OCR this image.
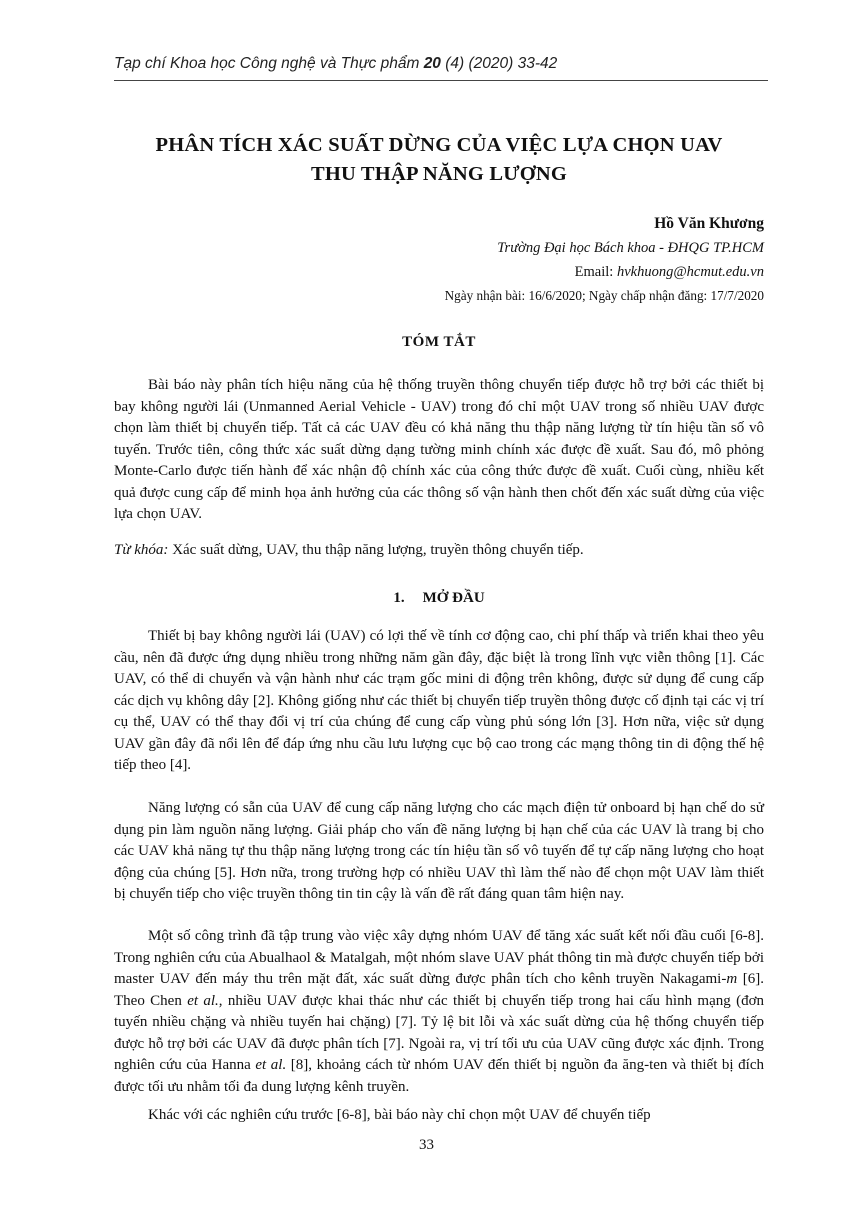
Tạp chí Khoa học Công nghệ và Thực phẩm 20 (4) (2020) 33-42
PHÂN TÍCH XÁC SUẤT DỪNG CỦA VIỆC LỰA CHỌN UAV
THU THẬP NĂNG LƯỢNG
Hồ Văn Khương
Trường Đại học Bách khoa - ĐHQG TP.HCM
Email: hvkhuong@hcmut.edu.vn
Ngày nhận bài: 16/6/2020; Ngày chấp nhận đăng: 17/7/2020
TÓM TẮT

Bài báo này phân tích hiệu năng của hệ thống truyền thông chuyển tiếp được hỗ trợ bởi các thiết bị bay không người lái (Unmanned Aerial Vehicle - UAV) trong đó chỉ một UAV trong số nhiều UAV được chọn làm thiết bị chuyển tiếp. Tất cả các UAV đều có khả năng thu thập năng lượng từ tín hiệu tần số vô tuyến. Trước tiên, công thức xác suất dừng dạng tường minh chính xác được đề xuất. Sau đó, mô phỏng Monte-Carlo được tiến hành để xác nhận độ chính xác của công thức được đề xuất. Cuối cùng, nhiều kết quả được cung cấp để minh họa ảnh hưởng của các thông số vận hành then chốt đến xác suất dừng của việc lựa chọn UAV.

Từ khóa: Xác suất dừng, UAV, thu thập năng lượng, truyền thông chuyển tiếp.

1. MỞ ĐẦU

Thiết bị bay không người lái (UAV) có lợi thế về tính cơ động cao, chi phí thấp và triển khai theo yêu cầu, nên đã được ứng dụng nhiều trong những năm gần đây, đặc biệt là trong lĩnh vực viễn thông [1]. Các UAV, có thể di chuyển và vận hành như các trạm gốc mini di động trên không, được sử dụng để cung cấp các dịch vụ không dây [2]. Không giống như các thiết bị chuyển tiếp truyền thông được cố định tại các vị trí cụ thể, UAV có thể thay đổi vị trí của chúng để cung cấp vùng phủ sóng lớn [3]. Hơn nữa, việc sử dụng UAV gần đây đã nổi lên để đáp ứng nhu cầu lưu lượng cục bộ cao trong các mạng thông tin di động thế hệ tiếp theo [4].

Năng lượng có sẵn của UAV để cung cấp năng lượng cho các mạch điện tử onboard bị hạn chế do sử dụng pin làm nguồn năng lượng. Giải pháp cho vấn đề năng lượng bị hạn chế của các UAV là trang bị cho các UAV khả năng tự thu thập năng lượng trong các tín hiệu tần số vô tuyến để tự cấp năng lượng cho hoạt động của chúng [5]. Hơn nữa, trong trường hợp có nhiều UAV thì làm thế nào để chọn một UAV làm thiết bị chuyển tiếp cho việc truyền thông tin tin cậy là vấn đề rất đáng quan tâm hiện nay.

Một số công trình đã tập trung vào việc xây dựng nhóm UAV để tăng xác suất kết nối đầu cuối [6-8]. Trong nghiên cứu của Abualhaol & Matalgah, một nhóm slave UAV phát thông tin mà được chuyển tiếp bởi master UAV đến máy thu trên mặt đất, xác suất dừng được phân tích cho kênh truyền Nakagami-m [6]. Theo Chen et al., nhiều UAV được khai thác như các thiết bị chuyển tiếp trong hai cấu hình mạng (đơn tuyến nhiều chặng và nhiều tuyến hai chặng) [7]. Tỷ lệ bit lỗi và xác suất dừng của hệ thống chuyển tiếp được hỗ trợ bởi các UAV đã được phân tích [7]. Ngoài ra, vị trí tối ưu của UAV cũng được xác định. Trong nghiên cứu của Hanna et al. [8], khoảng cách từ nhóm UAV đến thiết bị nguồn đa ăng-ten và thiết bị đích được tối ưu nhằm tối đa dung lượng kênh truyền.

Khác với các nghiên cứu trước [6-8], bài báo này chỉ chọn một UAV để chuyển tiếp

33
